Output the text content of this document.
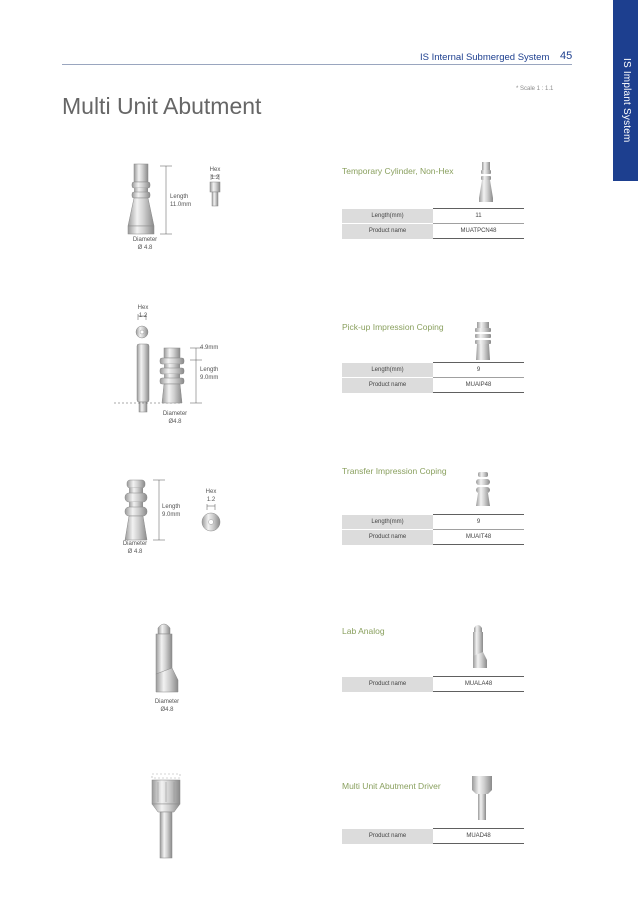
IS Implant System
IS Internal Submerged System 45
* Scale 1 : 1.1
Multi Unit Abutment
Hex
1.2
Length
11.0mm
Diameter
Ø 4.8
Temporary Cylinder, Non-Hex
Length(mm)	11
Product name	MUATPCN48
Hex
1.2
4.9mm
Length
9.0mm
Diameter
Ø4.8
Pick-up Impression Coping
Length(mm)	9
Product name	MUAIP48
Length
9.0mm
Hex
1.2
Diameter
Ø 4.8
Transfer Impression Coping
Length(mm)	9
Product name	MUAIT48
Diameter
Ø4.8
Lab Analog
Product name	MUALA48
Multi Unit Abutment Driver
Product name	MUAD48
